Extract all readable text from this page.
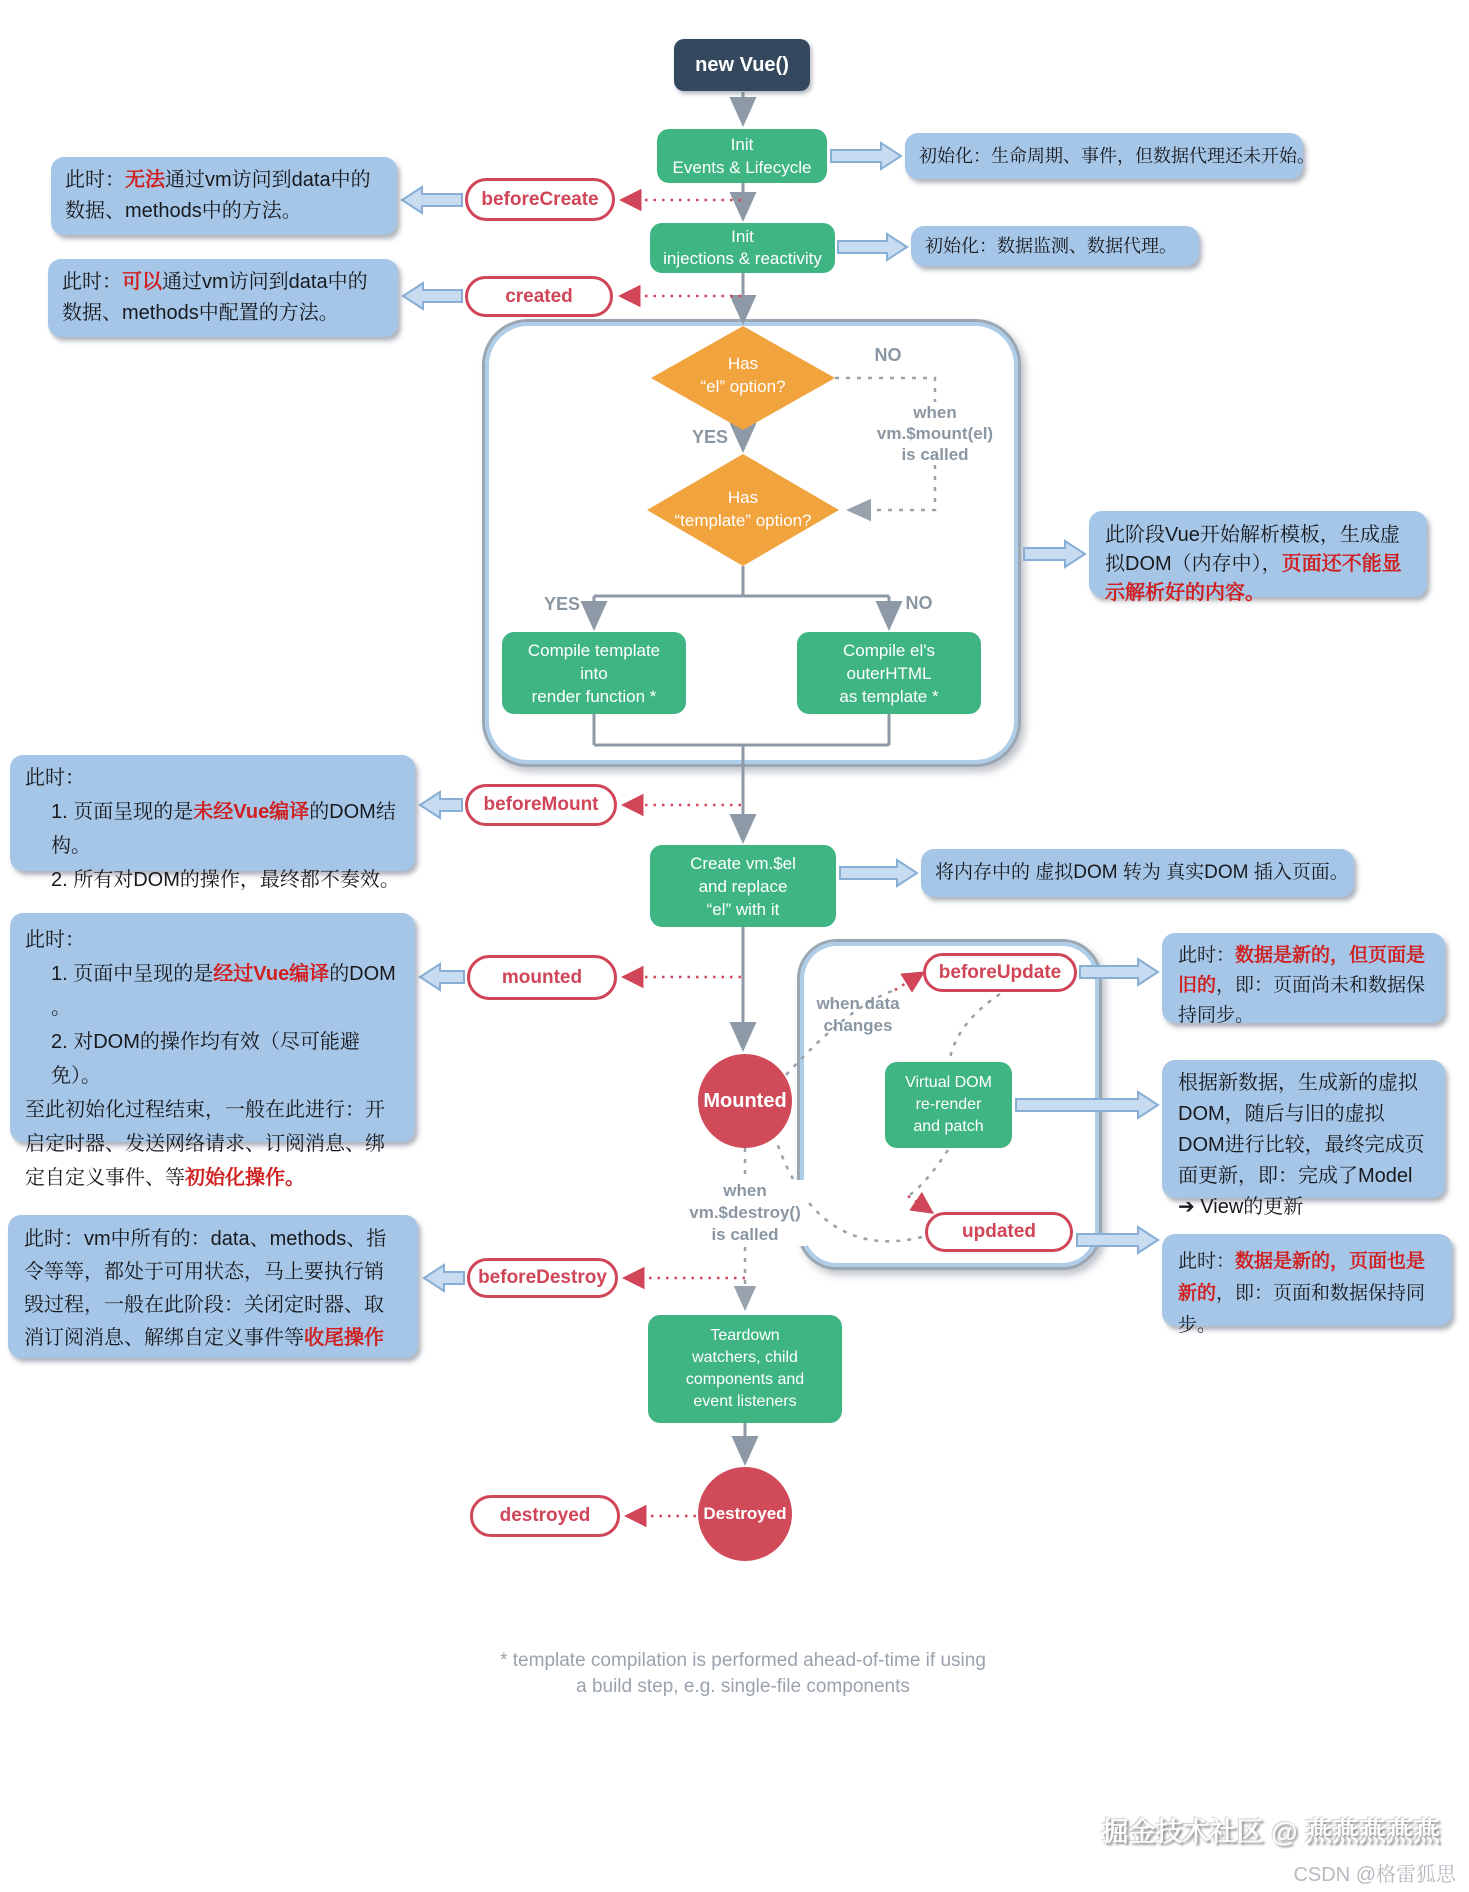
new Vue()
Init
Events & Lifecycle
Init
injections & reactivity
Has
“el” option?
Has
“template” option?
NO
YES
when
vm.$mount(el)
is called
YES	NO
when data
changes
when
vm.$destroy()
is called
Compile template
into
render function *
Compile el's
outerHTML
as template *
Create vm.$el
and replace
“el” with it
Virtual DOM
re-render
and patch
Teardown
watchers, child
components and
event listeners
Mounted
Destroyed
beforeCreate
created
beforeMount
mounted	beforeUpdate
updated
beforeDestroy
destroyed
此时：无法通过vm访问到data中的数据、methods中的方法。
此时：可以通过vm访问到data中的数据、methods中配置的方法。
初始化：生命周期、事件，但数据代理还未开始。
初始化：数据监测、数据代理。
此阶段Vue开始解析模板，生成虚拟DOM（内存中），页面还不能显示解析好的内容。
此时：
1. 页面呈现的是未经Vue编译的DOM结构。
2. 所有对DOM的操作，最终都不奏效。	将内存中的 虚拟DOM 转为 真实DOM 插入页面。
此时：
1. 页面中呈现的是经过Vue编译的DOM 。
2. 对DOM的操作均有效（尽可能避免）。
至此初始化过程结束，一般在此进行：开启定时器、发送网络请求、订阅消息、绑定自定义事件、等初始化操作。
此时：数据是新的，但页面是旧的，即：页面尚未和数据保持同步。
根据新数据，生成新的虚拟DOM，随后与旧的虚拟DOM进行比较，最终完成页面更新，即：完成了Model ➔ View的更新
此时：数据是新的，页面也是新的，即：页面和数据保持同步。
此时：vm中所有的：data、methods、指令等等，都处于可用状态，马上要执行销毁过程，一般在此阶段：关闭定时器、取消订阅消息、解绑自定义事件等收尾操作
* template compilation is performed ahead-of-time if using
a build step, e.g. single-file components
掘金技术社区 @ 燕燕燕燕燕
CSDN @格雷狐思
